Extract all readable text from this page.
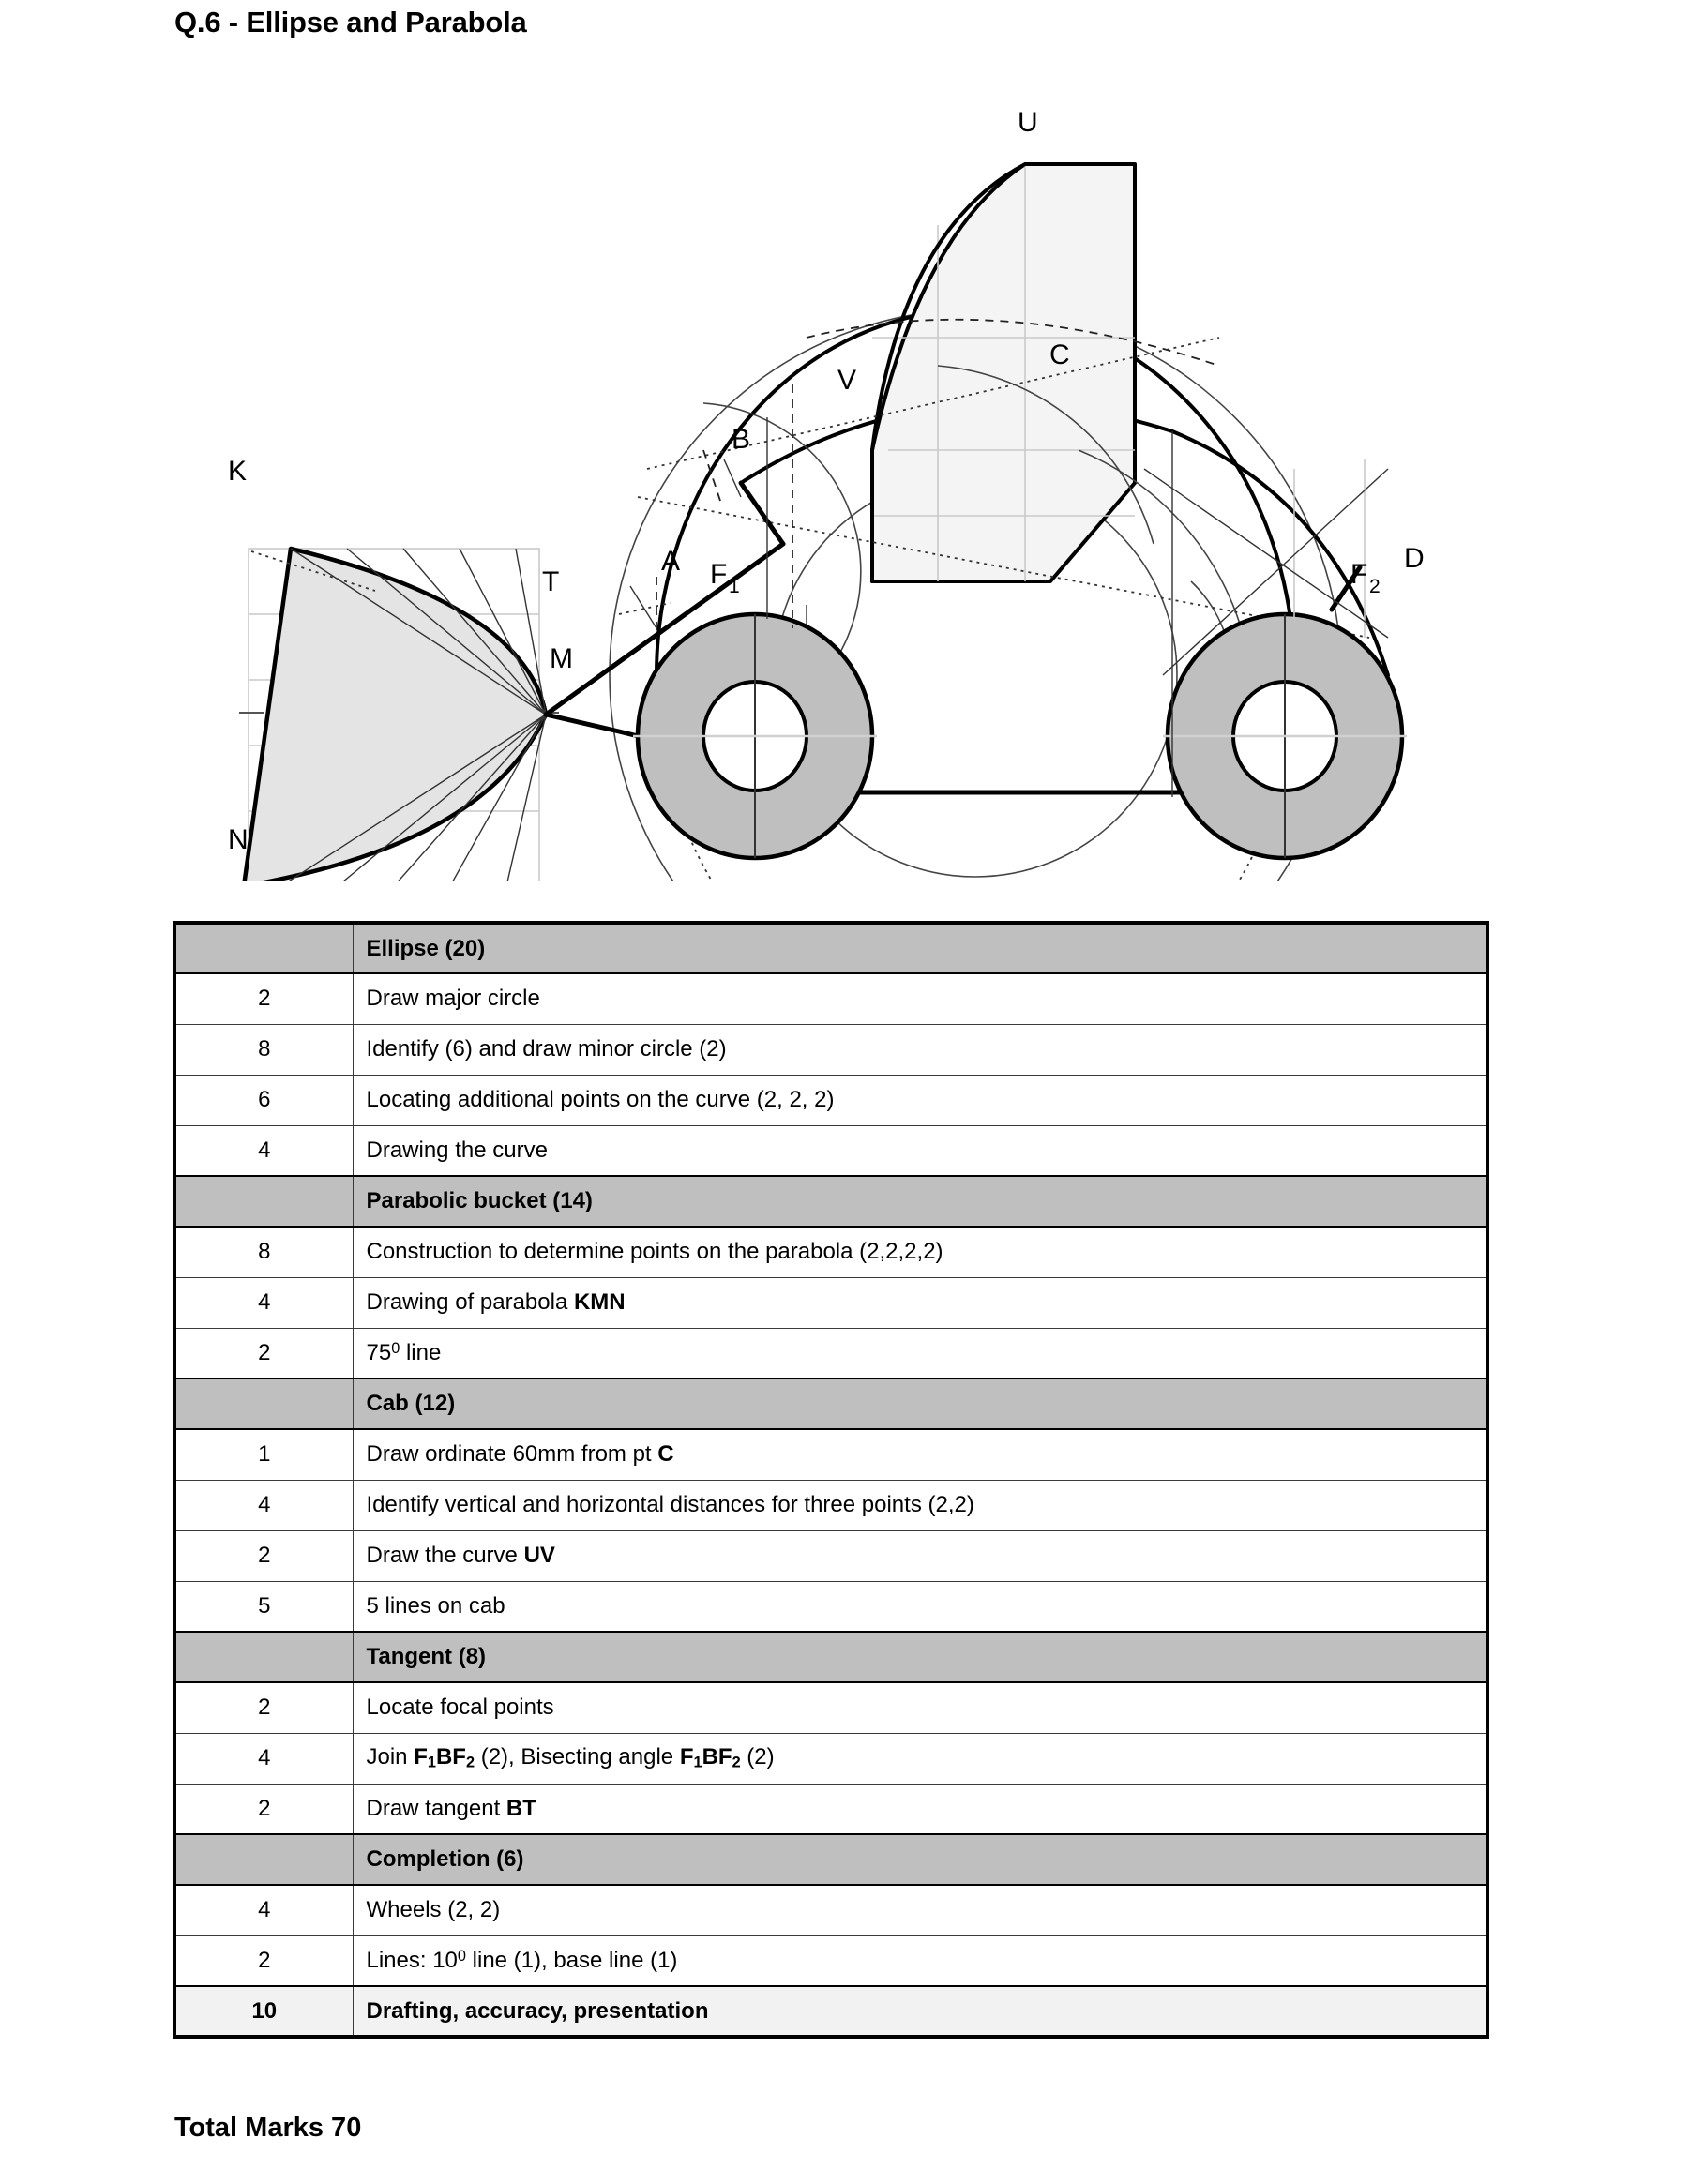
Q.6 - Ellipse and Parabola
U
C
V
B
K
A F 1
T
M
N
D
F 2
	Ellipse (20)
2	Draw major circle
8	Identify (6) and draw minor circle (2)
6	Locating additional points on the curve (2, 2, 2)
4	Drawing the curve
	Parabolic bucket (14)
8	Construction to determine points on the parabola (2,2,2,2)
4	Drawing of parabola KMN
2	$75^0$ line
	Cab (12)
1	Draw ordinate 60mm from pt C
4	Identify vertical and horizontal distances for three points (2,2)
2	Draw the curve UV
5	5 lines on cab
	Tangent (8)
2	Locate focal points
4	Join $F_1BF_2$ (2), Bisecting angle $F_1BF_2$ (2)
2	Draw tangent BT
	Completion (6)
4	Wheels (2, 2)
2	Lines: $10^0$ line (1), base line (1)
10	Drafting, accuracy, presentation
Total Marks 70
